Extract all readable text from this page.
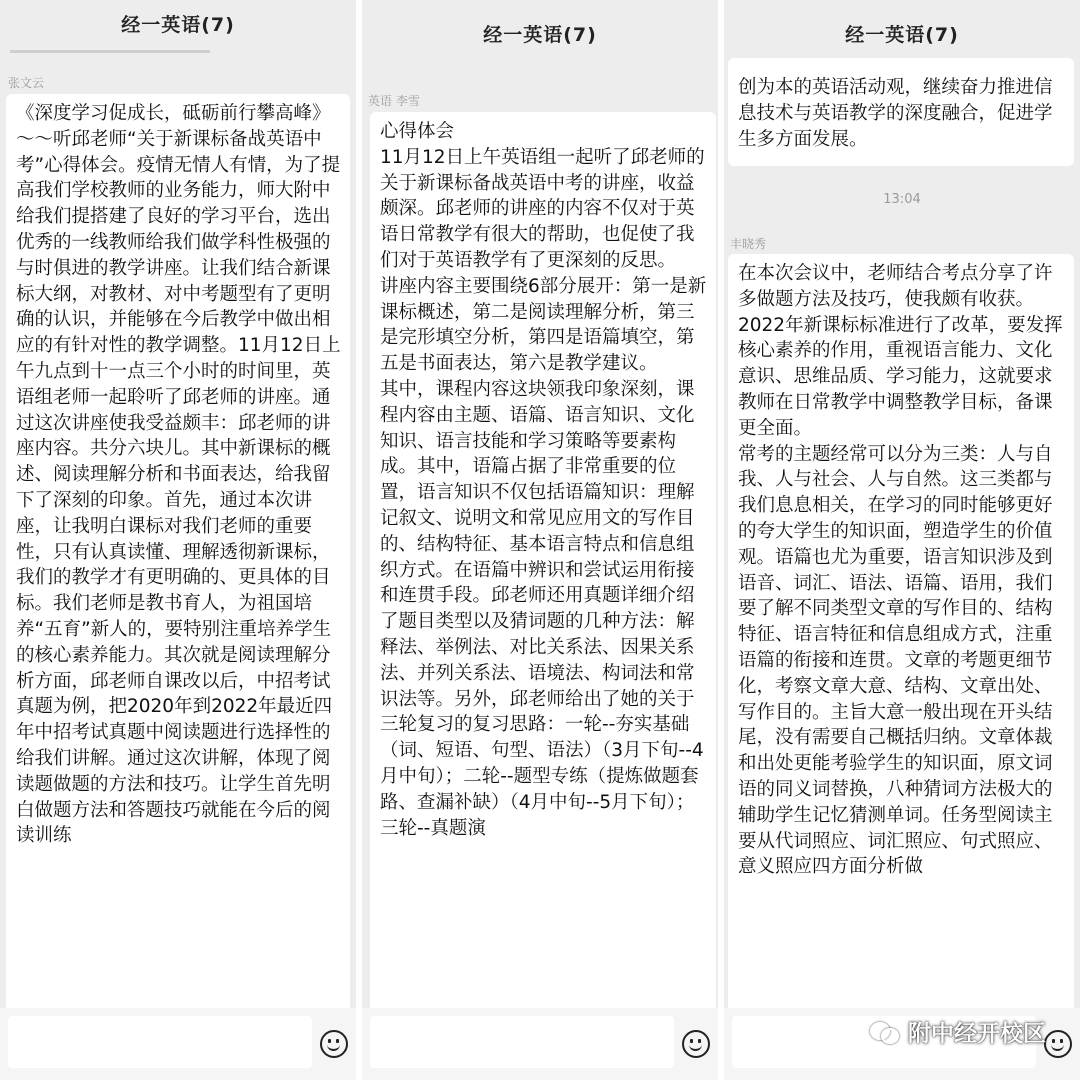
经一英语(7)
张文云
《深度学习促成长，砥砺前行攀高峰》～～听邱老师“关于新课标备战英语中考”心得体会。疫情无情人有情，为了提高我们学校教师的业务能力，师大附中给我们提搭建了良好的学习平台，选出优秀的一线教师给我们做学科性极强的与时俱进的教学讲座。让我们结合新课标大纲，对教材、对中考题型有了更明确的认识，并能够在今后教学中做出相应的有针对性的教学调整。11月12日上午九点到十一点三个小时的时间里，英语组老师一起聆听了邱老师的讲座。通过这次讲座使我受益颇丰：邱老师的讲座内容。共分六块儿。其中新课标的概述、阅读理解分析和书面表达，给我留下了深刻的印象。首先，通过本次讲座，让我明白课标对我们老师的重要性，只有认真读懂、理解透彻新课标，我们的教学才有更明确的、更具体的目标。我们老师是教书育人，为祖国培养“五育”新人的，要特别注重培养学生的核心素养能力。其次就是阅读理解分析方面，邱老师自课改以后，中招考试真题为例，把2020年到2022年最近四年中招考试真题中阅读题进行选择性的给我们讲解。通过这次讲解，体现了阅读题做题的方法和技巧。让学生首先明白做题方法和答题技巧就能在今后的阅读训练
经一英语(7)
英语 李雪
心得体会
11月12日上午英语组一起听了邱老师的关于新课标备战英语中考的讲座，收益颇深。邱老师的讲座的内容不仅对于英语日常教学有很大的帮助，也促使了我们对于英语教学有了更深刻的反思。
讲座内容主要围绕6部分展开：第一是新课标概述，第二是阅读理解分析，第三是完形填空分析，第四是语篇填空，第五是书面表达，第六是教学建议。
其中，课程内容这块领我印象深刻，课程内容由主题、语篇、语言知识、文化知识、语言技能和学习策略等要素构成。其中，语篇占据了非常重要的位置，语言知识不仅包括语篇知识：理解记叙文、说明文和常见应用文的写作目的、结构特征、基本语言特点和信息组织方式。在语篇中辨识和尝试运用衔接和连贯手段。邱老师还用真题详细介绍了题目类型以及猜词题的几种方法：解释法、举例法、对比关系法、因果关系法、并列关系法、语境法、构词法和常识法等。另外，邱老师给出了她的关于三轮复习的复习思路：一轮--夯实基础（词、短语、句型、语法）（3月下旬--4月中旬）；二轮--题型专练（提炼做题套路、查漏补缺）（4月中旬--5月下旬）；三轮--真题演
经一英语(7)
创为本的英语活动观，继续奋力推进信息技术与英语教学的深度融合，促进学生多方面发展。
13:04
丰晓秀
在本次会议中，老师结合考点分享了许多做题方法及技巧，使我颇有收获。
2022年新课标标准进行了改革，要发挥核心素养的作用，重视语言能力、文化意识、思维品质、学习能力，这就要求教师在日常教学中调整教学目标，备课更全面。
常考的主题经常可以分为三类：人与自我、人与社会、人与自然。这三类都与我们息息相关，在学习的同时能够更好的夸大学生的知识面，塑造学生的价值观。语篇也尤为重要，语言知识涉及到语音、词汇、语法、语篇、语用，我们要了解不同类型文章的写作目的、结构特征、语言特征和信息组成方式，注重语篇的衔接和连贯。文章的考题更细节化，考察文章大意、结构、文章出处、写作目的。主旨大意一般出现在开头结尾，没有需要自己概括归纳。文章体裁和出处更能考验学生的知识面，原文词语的同义词替换，八种猜词方法极大的辅助学生记忆猜测单词。任务型阅读主要从代词照应、词汇照应、句式照应、意义照应四方面分析做
附中经开校区
